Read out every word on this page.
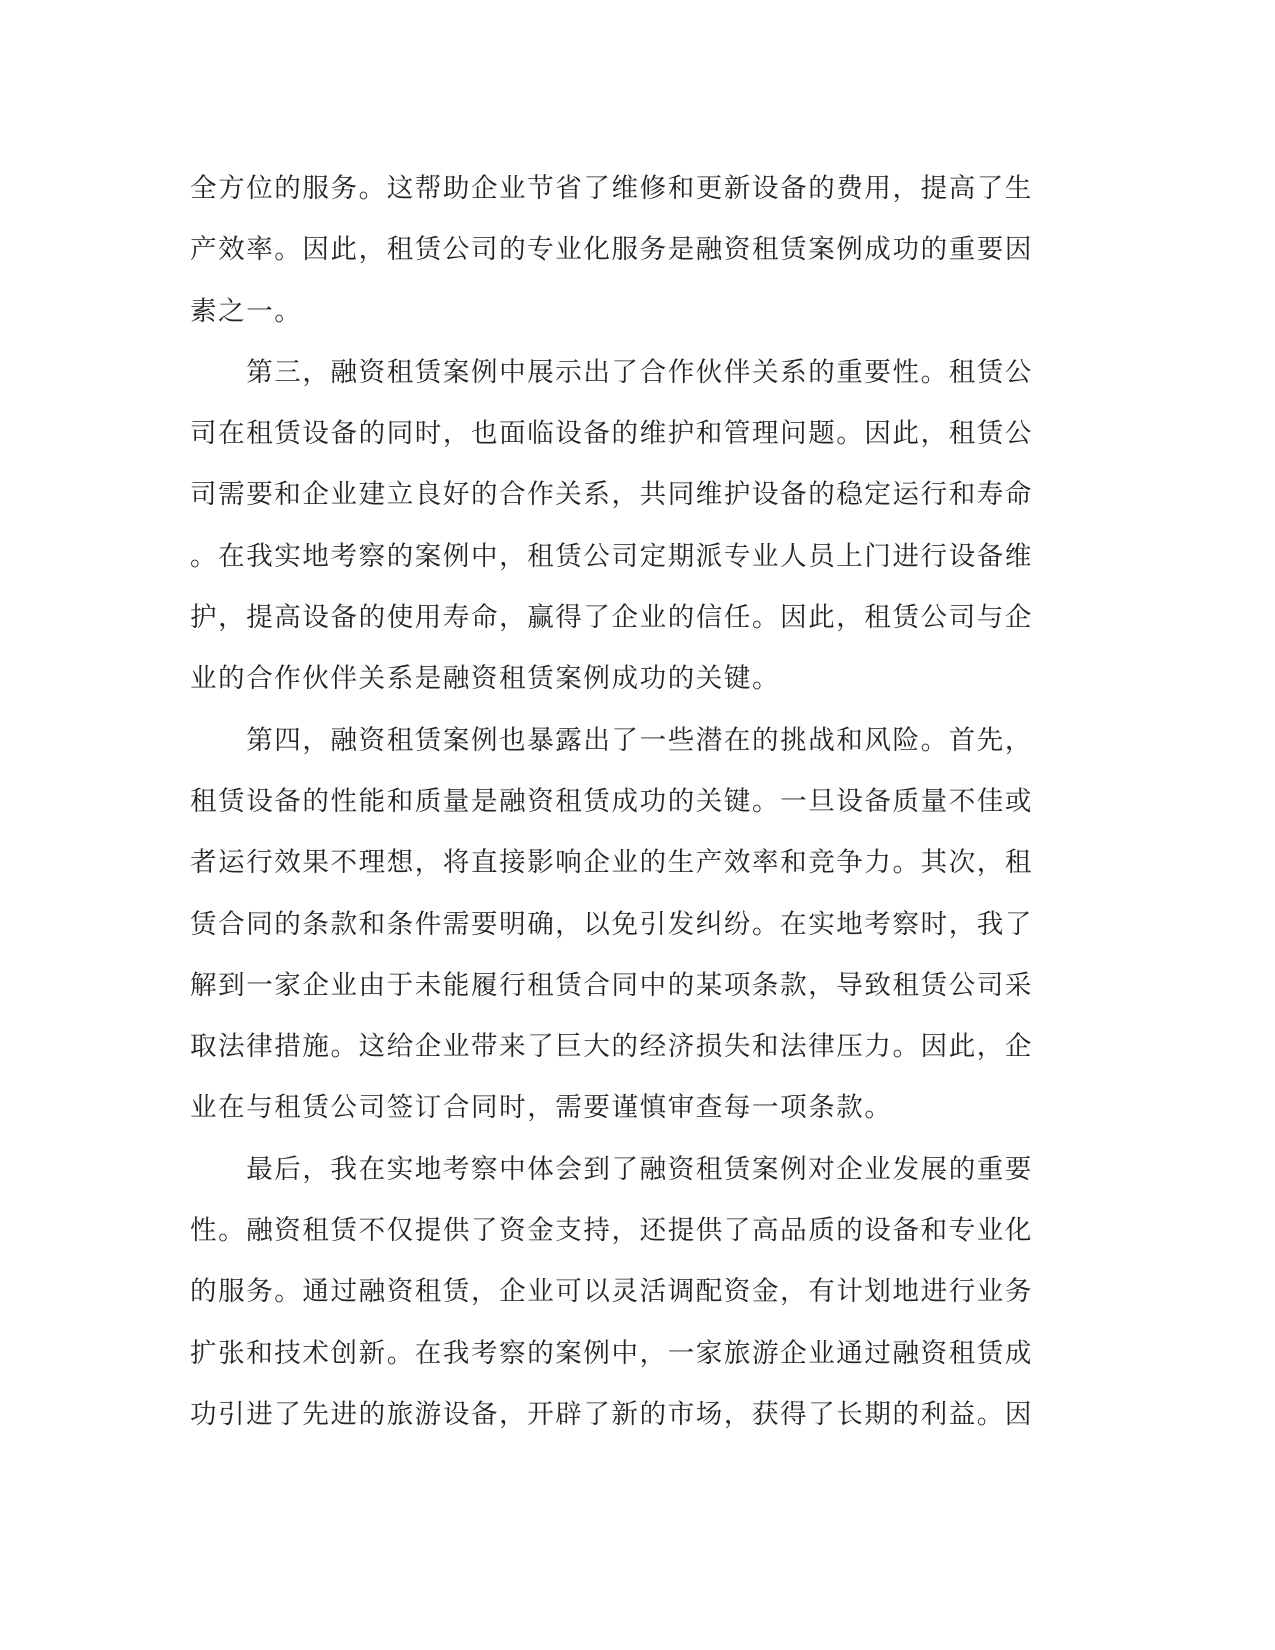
全方位的服务。这帮助企业节省了维修和更新设备的费用，提高了生
产效率。因此，租赁公司的专业化服务是融资租赁案例成功的重要因
素之一。
　　第三，融资租赁案例中展示出了合作伙伴关系的重要性。租赁公
司在租赁设备的同时，也面临设备的维护和管理问题。因此，租赁公
司需要和企业建立良好的合作关系，共同维护设备的稳定运行和寿命
。在我实地考察的案例中，租赁公司定期派专业人员上门进行设备维
护，提高设备的使用寿命，赢得了企业的信任。因此，租赁公司与企
业的合作伙伴关系是融资租赁案例成功的关键。
　　第四，融资租赁案例也暴露出了一些潜在的挑战和风险。首先，
租赁设备的性能和质量是融资租赁成功的关键。一旦设备质量不佳或
者运行效果不理想，将直接影响企业的生产效率和竞争力。其次，租
赁合同的条款和条件需要明确，以免引发纠纷。在实地考察时，我了
解到一家企业由于未能履行租赁合同中的某项条款，导致租赁公司采
取法律措施。这给企业带来了巨大的经济损失和法律压力。因此，企
业在与租赁公司签订合同时，需要谨慎审查每一项条款。
　　最后，我在实地考察中体会到了融资租赁案例对企业发展的重要
性。融资租赁不仅提供了资金支持，还提供了高品质的设备和专业化
的服务。通过融资租赁，企业可以灵活调配资金，有计划地进行业务
扩张和技术创新。在我考察的案例中，一家旅游企业通过融资租赁成
功引进了先进的旅游设备，开辟了新的市场，获得了长期的利益。因
